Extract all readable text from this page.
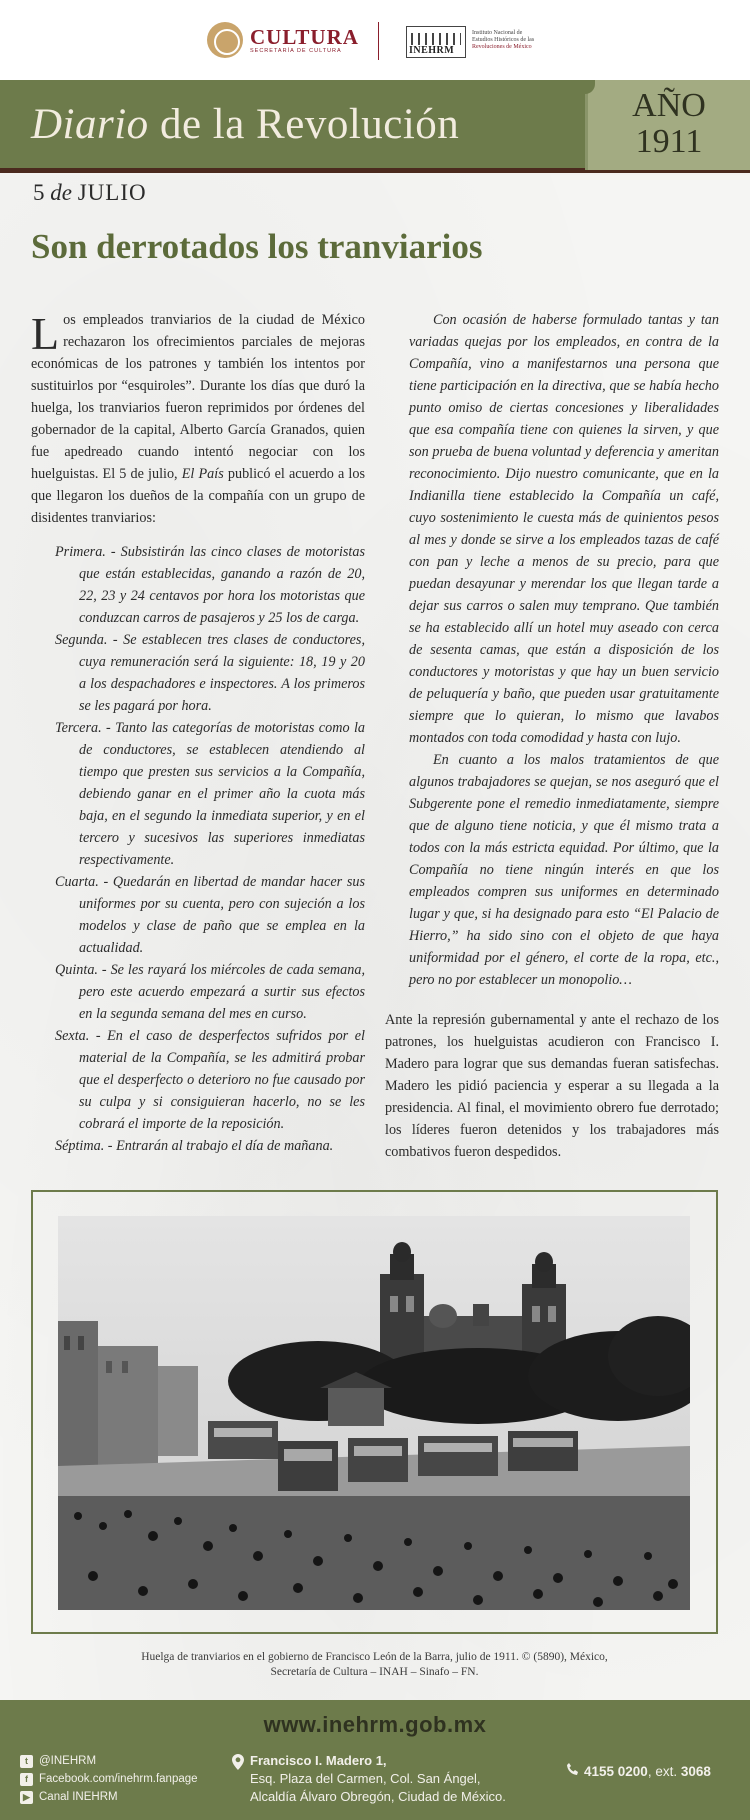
CULTURA
SECRETARÍA DE CULTURA	INEHRM
Instituto Nacional de
Estudios Históricos de las
Revoluciones de México
Diario de la Revolución	AÑO
1911
5 de JULIO
Son derrotados los tranviarios

Los empleados tranviarios de la ciudad de México rechazaron los ofrecimientos parciales de mejoras económicas de los patrones y también los intentos por sustituirlos por “esquiroles”. Durante los días que duró la huelga, los tranviarios fueron reprimidos por órdenes del gobernador de la capital, Alberto García Granados, quien fue apedreado cuando intentó negociar con los huelguistas. El 5 de julio, El País publicó el acuerdo a los que llegaron los dueños de la compañía con un grupo de disidentes tranviarios:

Primera. - Subsistirán las cinco clases de motoristas que están establecidas, ganando a razón de 20, 22, 23 y 24 centavos por hora los motoristas que conduzcan carros de pasajeros y 25 los de carga.

Segunda. - Se establecen tres clases de conductores, cuya remuneración será la siguiente: 18, 19 y 20 a los despachadores e inspectores. A los primeros se les pagará por hora.

Tercera. - Tanto las categorías de motoristas como la de conductores, se establecen atendiendo al tiempo que presten sus servicios a la Compañía, debiendo ganar en el primer año la cuota más baja, en el segundo la inmediata superior, y en el tercero y sucesivos las superiores inmediatas respectivamente.

Cuarta. - Quedarán en libertad de mandar hacer sus uniformes por su cuenta, pero con sujeción a los modelos y clase de paño que se emplea en la actualidad.

Quinta. - Se les rayará los miércoles de cada semana, pero este acuerdo empezará a surtir sus efectos en la segunda semana del mes en curso.

Sexta. - En el caso de desperfectos sufridos por el material de la Compañía, se les admitirá probar que el desperfecto o deterioro no fue causado por su culpa y si consiguieran hacerlo, no se les cobrará el importe de la reposición.

Séptima. - Entrarán al trabajo el día de mañana.

Con ocasión de haberse formulado tantas y tan variadas quejas por los empleados, en contra de la Compañía, vino a manifestarnos una persona que tiene participación en la directiva, que se había hecho punto omiso de ciertas concesiones y liberalidades que esa compañía tiene con quienes la sirven, y que son prueba de buena voluntad y deferencia y ameritan reconocimiento. Dijo nuestro comunicante, que en la Indianilla tiene establecido la Compañía un café, cuyo sostenimiento le cuesta más de quinientos pesos al mes y donde se sirve a los empleados tazas de café con pan y leche a menos de su precio, para que puedan desayunar y merendar los que llegan tarde a dejar sus carros o salen muy temprano. Que también se ha establecido allí un hotel muy aseado con cerca de sesenta camas, que están a disposición de los conductores y motoristas y que hay un buen servicio de peluquería y baño, que pueden usar gratuitamente siempre que lo quieran, lo mismo que lavabos montados con toda comodidad y hasta con lujo.

En cuanto a los malos tratamientos de que algunos trabajadores se quejan, se nos aseguró que el Subgerente pone el remedio inmediatamente, siempre que de alguno tiene noticia, y que él mismo trata a todos con la más estricta equidad. Por último, que la Compañía no tiene ningún interés en que los empleados compren sus uniformes en determinado lugar y que, si ha designado para esto “El Palacio de Hierro,” ha sido sino con el objeto de que haya uniformidad por el género, el corte de la ropa, etc., pero no por establecer un monopolio…

Ante la represión gubernamental y ante el rechazo de los patrones, los huelguistas acudieron con Francisco I. Madero para lograr que sus demandas fueran satisfechas. Madero les pidió paciencia y esperar a su llegada a la presidencia. Al final, el movimiento obrero fue derrotado; los líderes fueron detenidos y los trabajadores más combativos fueron despedidos.

Huelga de tranviarios en el gobierno de Francisco León de la Barra, julio de 1911. © (5890), México,
Secretaría de Cultura – INAH – Sinafo – FN.
www.inehrm.gob.mx
t @INEHRM
f Facebook.com/inehrm.fanpage
▶ Canal INEHRM
Francisco I. Madero 1,
Esq. Plaza del Carmen, Col. San Ángel,
Alcaldía Álvaro Obregón, Ciudad de México.
4155 0200, ext. 3068
